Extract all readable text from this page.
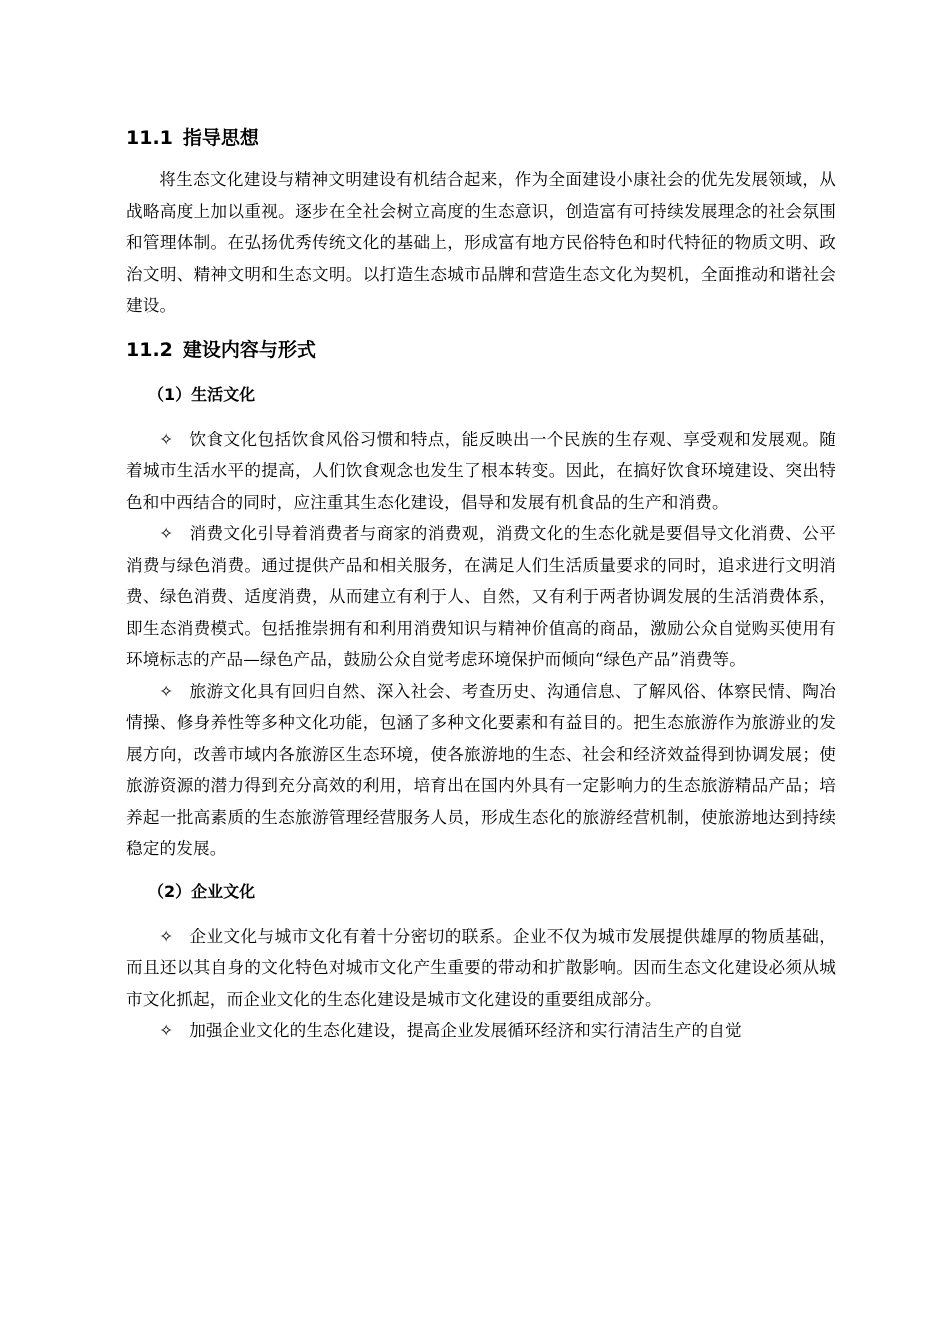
11.1 指导思想

将生态文化建设与精神文明建设有机结合起来，作为全面建设小康社会的优先发展领域，从战略高度上加以重视。逐步在全社会树立高度的生态意识，创造富有可持续发展理念的社会氛围和管理体制。在弘扬优秀传统文化的基础上，形成富有地方民俗特色和时代特征的物质文明、政治文明、精神文明和生态文明。以打造生态城市品牌和营造生态文化为契机，全面推动和谐社会建设。

11.2 建设内容与形式
（1）生活文化

✧ 饮食文化包括饮食风俗习惯和特点，能反映出一个民族的生存观、享受观和发展观。随着城市生活水平的提高，人们饮食观念也发生了根本转变。因此，在搞好饮食环境建设、突出特色和中西结合的同时，应注重其生态化建设，倡导和发展有机食品的生产和消费。

✧ 消费文化引导着消费者与商家的消费观，消费文化的生态化就是要倡导文化消费、公平消费与绿色消费。通过提供产品和相关服务，在满足人们生活质量要求的同时，追求进行文明消费、绿色消费、适度消费，从而建立有利于人、自然，又有利于两者协调发展的生活消费体系，即生态消费模式。包括推崇拥有和利用消费知识与精神价值高的商品，激励公众自觉购买使用有环境标志的产品—绿色产品，鼓励公众自觉考虑环境保护而倾向“绿色产品”消费等。

✧ 旅游文化具有回归自然、深入社会、考查历史、沟通信息、了解风俗、体察民情、陶冶情操、修身养性等多种文化功能，包涵了多种文化要素和有益目的。把生态旅游作为旅游业的发展方向，改善市域内各旅游区生态环境，使各旅游地的生态、社会和经济效益得到协调发展；使旅游资源的潜力得到充分高效的利用，培育出在国内外具有一定影响力的生态旅游精品产品；培养起一批高素质的生态旅游管理经营服务人员，形成生态化的旅游经营机制，使旅游地达到持续稳定的发展。

（2）企业文化

✧ 企业文化与城市文化有着十分密切的联系。企业不仅为城市发展提供雄厚的物质基础，而且还以其自身的文化特色对城市文化产生重要的带动和扩散影响。因而生态文化建设必须从城市文化抓起，而企业文化的生态化建设是城市文化建设的重要组成部分。

✧ 加强企业文化的生态化建设，提高企业发展循环经济和实行清洁生产的自觉
